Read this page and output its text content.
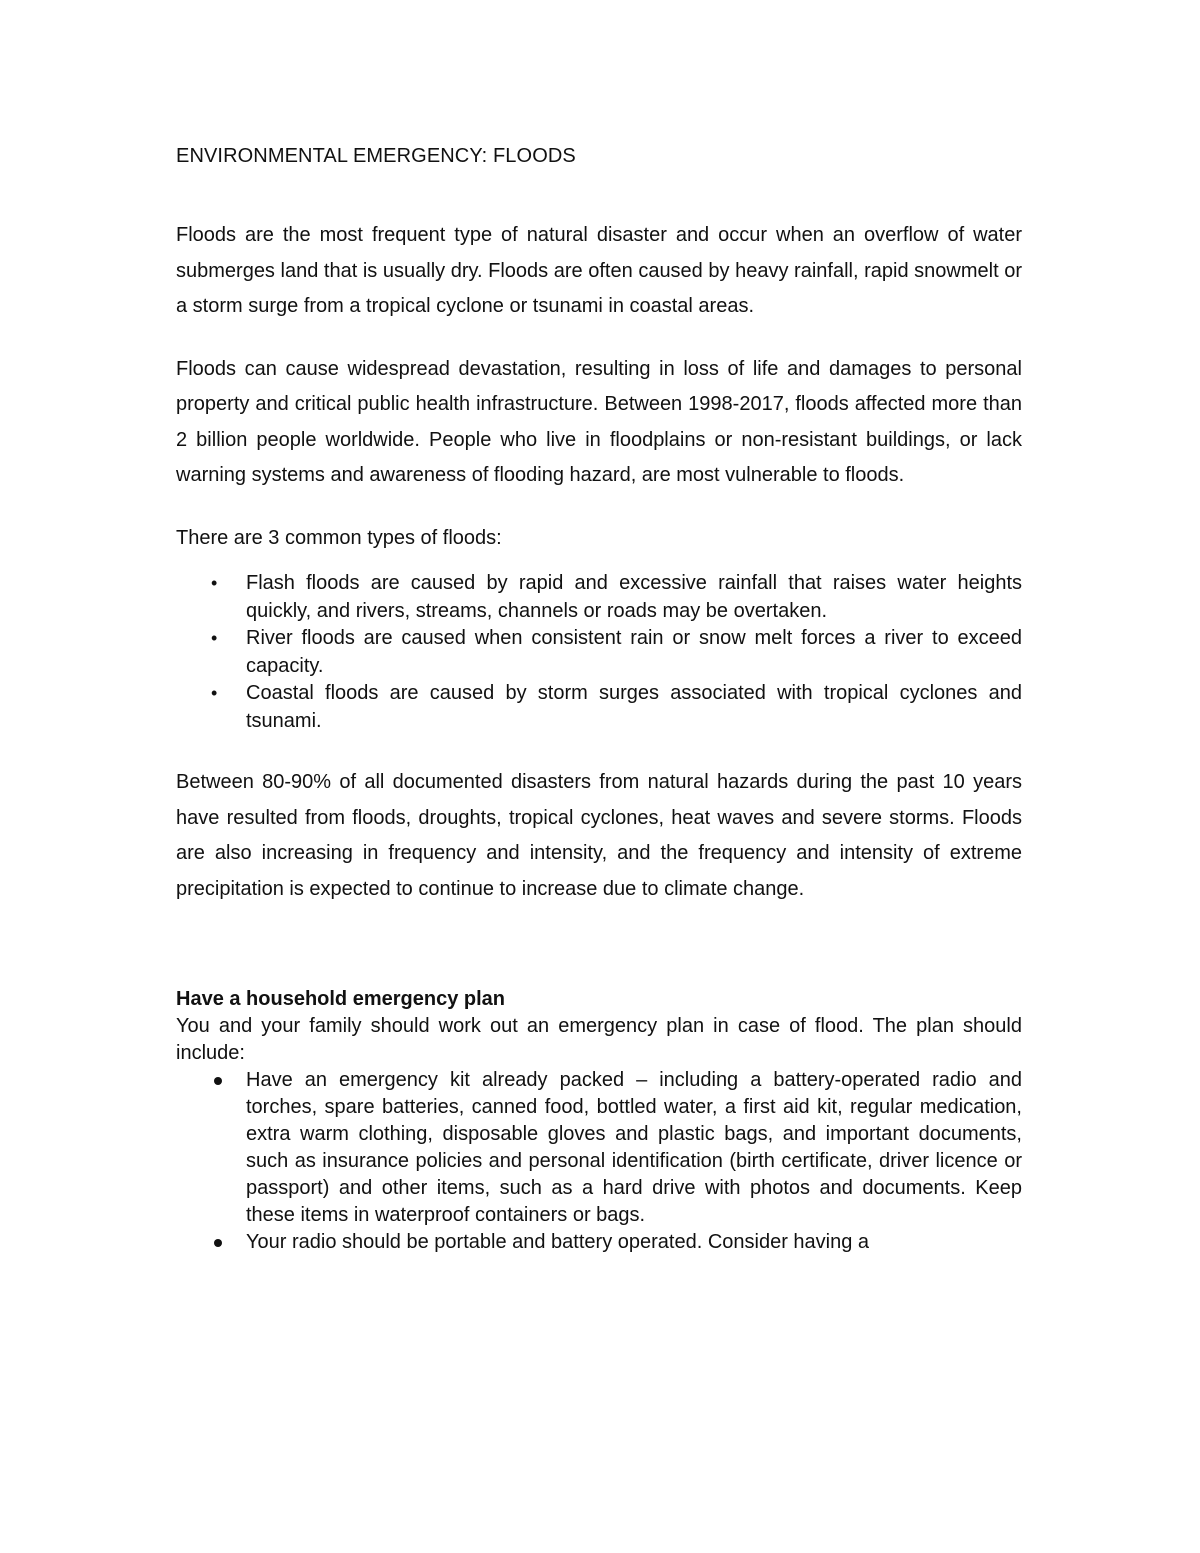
ENVIRONMENTAL EMERGENCY: FLOODS

Floods are the most frequent type of natural disaster and occur when an overflow of water submerges land that is usually dry. Floods are often caused by heavy rainfall, rapid snowmelt or a storm surge from a tropical cyclone or tsunami in coastal areas.

Floods can cause widespread devastation, resulting in loss of life and damages to personal property and critical public health infrastructure. Between 1998-2017, floods affected more than 2 billion people worldwide. People who live in floodplains or non-resistant buildings, or lack warning systems and awareness of flooding hazard, are most vulnerable to floods.

There are 3 common types of floods:

• Flash floods are caused by rapid and excessive rainfall that raises water heights quickly, and rivers, streams, channels or roads may be overtaken.
• River floods are caused when consistent rain or snow melt forces a river to exceed capacity.
• Coastal floods are caused by storm surges associated with tropical cyclones and tsunami.

Between 80-90% of all documented disasters from natural hazards during the past 10 years have resulted from floods, droughts, tropical cyclones, heat waves and severe storms. Floods are also increasing in frequency and intensity, and the frequency and intensity of extreme precipitation is expected to continue to increase due to climate change.

Have a household emergency plan

You and your family should work out an emergency plan in case of flood. The plan should include:

Have an emergency kit already packed – including a battery-operated radio and torches, spare batteries, canned food, bottled water, a first aid kit, regular medication, extra warm clothing, disposable gloves and plastic bags, and important documents, such as insurance policies and personal identification (birth certificate, driver licence or passport) and other items, such as a hard drive with photos and documents. Keep these items in waterproof containers or bags.
Your radio should be portable and battery operated. Consider having a
